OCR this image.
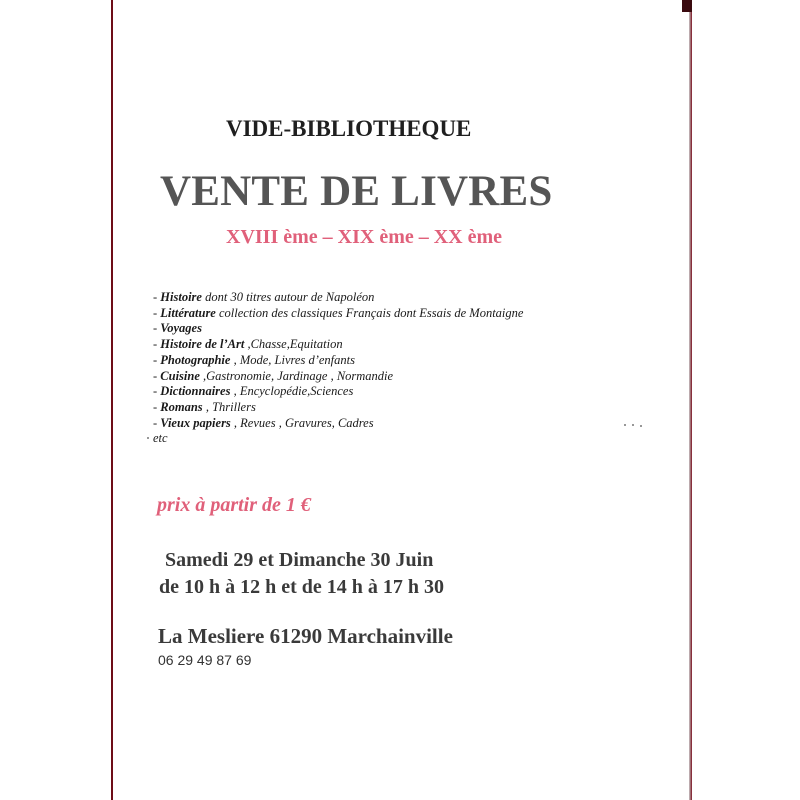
VIDE-BIBLIOTHEQUE
VENTE DE LIVRES
XVIII ème – XIX ème – XX ème
- Histoire dont 30 titres autour de Napoléon
- Littérature collection des classiques Français dont Essais de Montaigne
- Voyages
- Histoire de l’Art ,Chasse,Equitation
- Photographie , Mode, Livres d’enfants
- Cuisine ,Gastronomie, Jardinage , Normandie
- Dictionnaires , Encyclopédie,Sciences
- Romans , Thrillers
- Vieux papiers , Revues , Gravures, Cadres
etc
prix à partir de 1 €
Samedi 29 et Dimanche 30 Juin
de 10 h à 12 h et de 14 h à 17 h 30
La Mesliere 61290 Marchainville
06 29 49 87 69
